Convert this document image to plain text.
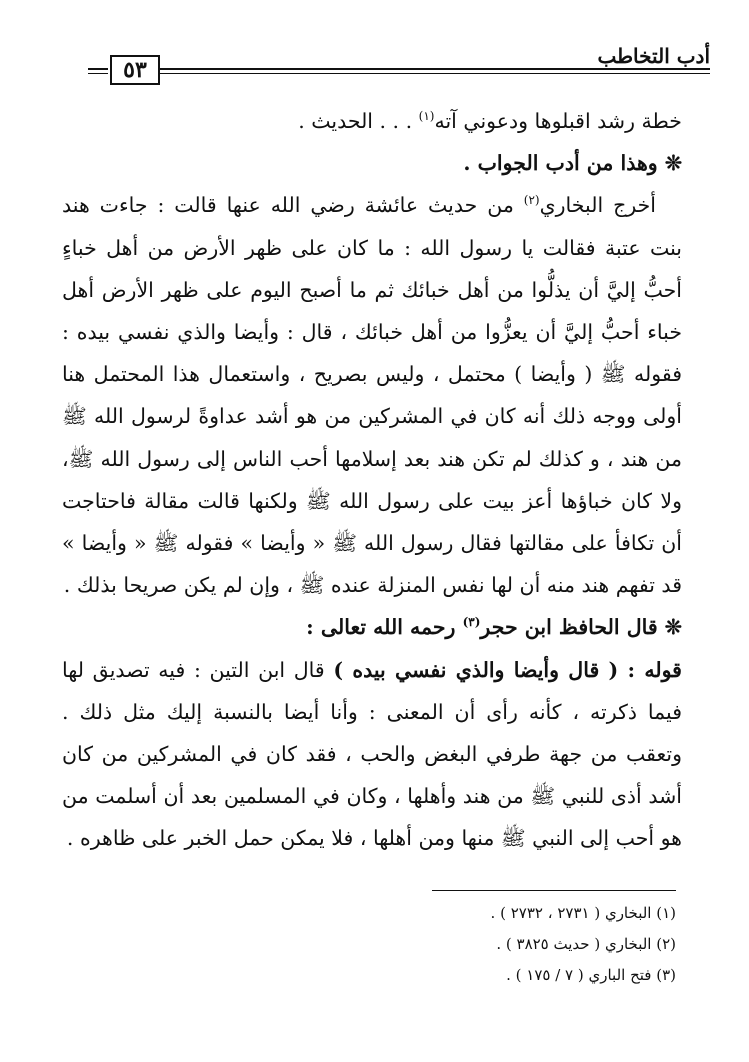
أدب التخاطب
٥٣

خطة رشد اقبلوها ودعوني آته$^{(١)}$ . . . الحديث .

❊ وهذا من أدب الجواب .

أخرج البخاري$^{(٢)}$ من حديث عائشة رضي الله عنها قالت : جاءت هند بنت عتبة فقالت يا رسول الله : ما كان على ظهر الأرض من أهل خباءٍ أحبُّ إليَّ أن يذلُّوا من أهل خبائك ثم ما أصبح اليوم على ظهر الأرض أهل خباء أحبُّ إليَّ أن يعزُّوا من أهل خبائك ، قال : وأيضا والذي نفسي بيده : فقوله ﷺ ( وأيضا ) محتمل ، وليس بصريح ، واستعمال هذا المحتمل هنا أولى ووجه ذلك أنه كان في المشركين من هو أشد عداوةً لرسول الله ﷺ من هند ، و كذلك لم تكن هند بعد إسلامها أحب الناس إلى رسول الله ﷺ، ولا كان خباؤها أعز بيت على رسول الله ﷺ ولكنها قالت مقالة فاحتاجت أن تكافأ على مقالتها فقال رسول الله ﷺ « وأيضا » فقوله ﷺ « وأيضا » قد تفهم هند منه أن لها نفس المنزلة عنده ﷺ ، وإن لم يكن صريحا بذلك .

❊ قال الحافظ ابن حجر$^{(٣)}$ رحمه الله تعالى :

قوله : ( قال وأيضا والذي نفسي بيده ) قال ابن التين : فيه تصديق لها فيما ذكرته ، كأنه رأى أن المعنى : وأنا أيضا بالنسبة إليك مثل ذلك . وتعقب من جهة طرفي البغض والحب ، فقد كان في المشركين من كان أشد أذى للنبي ﷺ من هند وأهلها ، وكان في المسلمين بعد أن أسلمت من هو أحب إلى النبي ﷺ منها ومن أهلها ، فلا يمكن حمل الخبر على ظاهره .

(١) البخاري ( ٢٧٣١ ، ٢٧٣٢ ) .
(٢) البخاري ( حديث ٣٨٢٥ ) .
(٣) فتح الباري ( ٧ / ١٧٥ ) .
